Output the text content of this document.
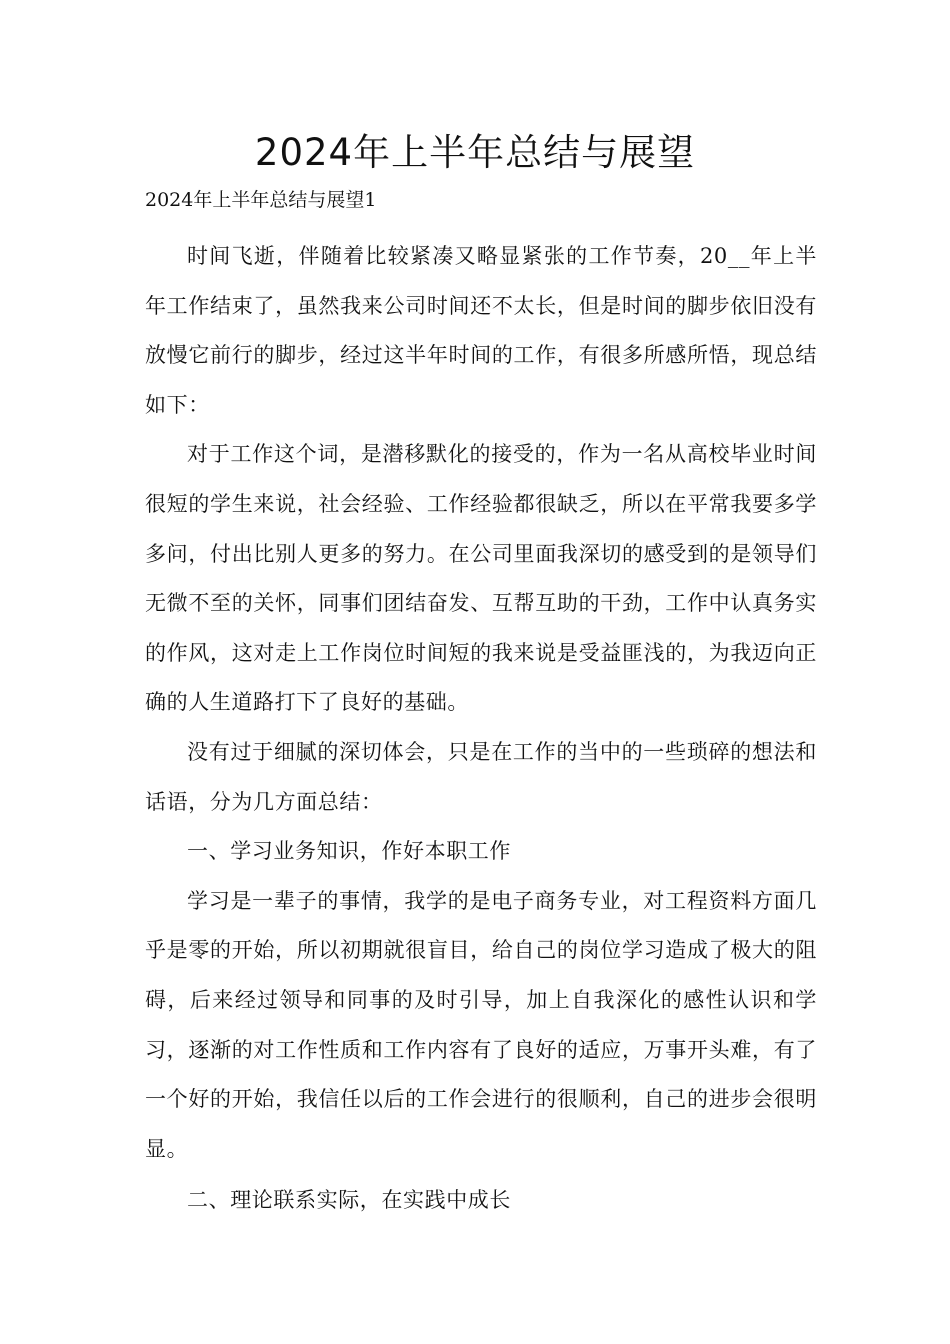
2024年上半年总结与展望
2024年上半年总结与展望1

时间飞逝，伴随着比较紧凑又略显紧张的工作节奏，20__年上半年工作结束了，虽然我来公司时间还不太长，但是时间的脚步依旧没有放慢它前行的脚步，经过这半年时间的工作，有很多所感所悟，现总结如下：

对于工作这个词，是潜移默化的接受的，作为一名从高校毕业时间很短的学生来说，社会经验、工作经验都很缺乏，所以在平常我要多学多问，付出比别人更多的努力。在公司里面我深切的感受到的是领导们无微不至的关怀，同事们团结奋发、互帮互助的干劲，工作中认真务实的作风，这对走上工作岗位时间短的我来说是受益匪浅的，为我迈向正确的人生道路打下了良好的基础。

没有过于细腻的深切体会，只是在工作的当中的一些琐碎的想法和话语，分为几方面总结：

一、学习业务知识，作好本职工作

学习是一辈子的事情，我学的是电子商务专业，对工程资料方面几乎是零的开始，所以初期就很盲目，给自己的岗位学习造成了极大的阻碍，后来经过领导和同事的及时引导，加上自我深化的感性认识和学习，逐渐的对工作性质和工作内容有了良好的适应，万事开头难，有了一个好的开始，我信任以后的工作会进行的很顺利，自己的进步会很明显。

二、理论联系实际，在实践中成长
